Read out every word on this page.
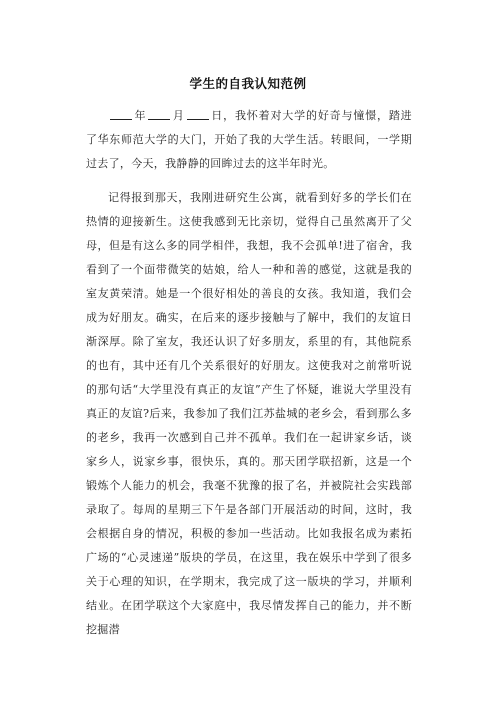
学生的自我认知范例

年 月 日，我怀着对大学的好奇与憧憬，踏进了华东师范大学的大门，开始了我的大学生活。转眼间，一学期过去了，今天，我静静的回眸过去的这半年时光。

记得报到那天，我刚进研究生公寓，就看到好多的学长们在热情的迎接新生。这使我感到无比亲切，觉得自己虽然离开了父母，但是有这么多的同学相伴，我想，我不会孤单!进了宿舍，我看到了一个面带微笑的姑娘，给人一种和善的感觉，这就是我的室友黄荣清。她是一个很好相处的善良的女孩。我知道，我们会成为好朋友。确实，在后来的逐步接触与了解中，我们的友谊日渐深厚。除了室友，我还认识了好多朋友，系里的有，其他院系的也有，其中还有几个关系很好的好朋友。这使我对之前常听说的那句话“大学里没有真正的友谊”产生了怀疑，谁说大学里没有真正的友谊?后来，我参加了我们江苏盐城的老乡会，看到那么多的老乡，我再一次感到自己并不孤单。我们在一起讲家乡话，谈家乡人，说家乡事，很快乐，真的。那天团学联招新，这是一个锻炼个人能力的机会，我毫不犹豫的报了名，并被院社会实践部录取了。每周的星期三下午是各部门开展活动的时间，这时，我会根据自身的情况，积极的参加一些活动。比如我报名成为素拓广场的“心灵速递”版块的学员，在这里，我在娱乐中学到了很多关于心理的知识，在学期末，我完成了这一版块的学习，并顺利结业。在团学联这个大家庭中，我尽情发挥自己的能力，并不断挖掘潜
